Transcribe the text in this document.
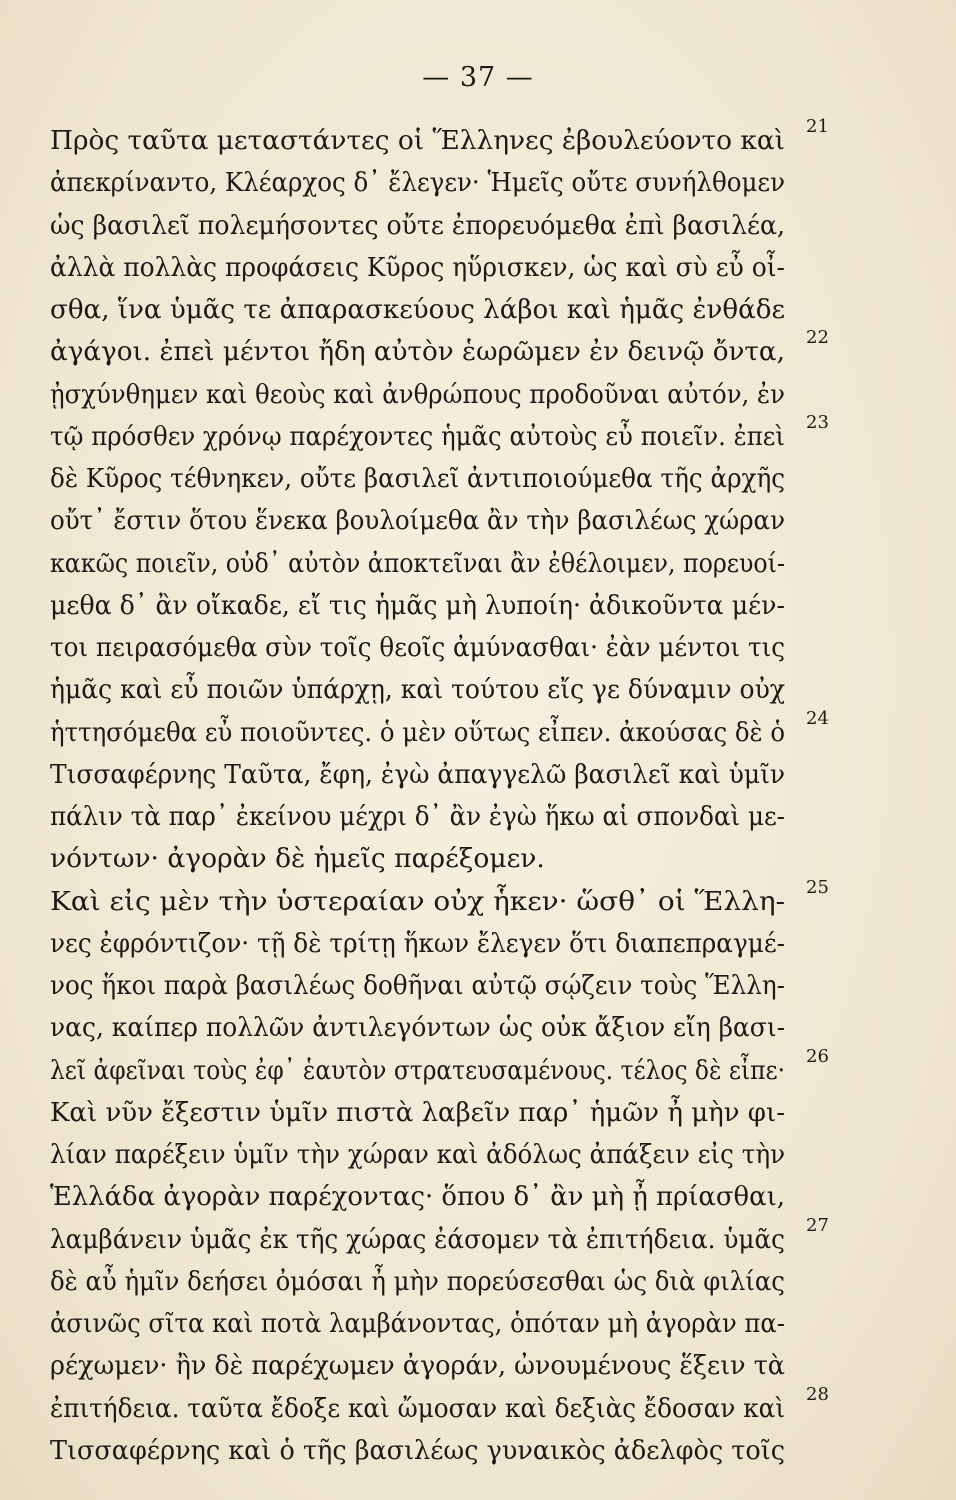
— 37 —
Πρὸς ταῦτα μεταστάντες οἱ Ἕλληνες ἐβουλεύοντο καὶ 21
ἀπεκρίναντο, Κλέαρχος δ᾽ ἔλεγεν· Ἡμεῖς οὔτε συνήλθομεν
ὡς βασιλεῖ πολεμήσοντες οὔτε ἐπορευόμεθα ἐπὶ βασιλέα,
ἀλλὰ πολλὰς προφάσεις Κῦρος ηὕρισκεν, ὡς καὶ σὺ εὖ οἶ-
σθα, ἵνα ὑμᾶς τε ἀπαρασκεύους λάβοι καὶ ἡμᾶς ἐνθάδε
ἀγάγοι. ἐπεὶ μέντοι ἤδη αὐτὸν ἑωρῶμεν ἐν δεινῷ ὄντα, 22
ᾐσχύνθημεν καὶ θεοὺς καὶ ἀνθρώπους προδοῦναι αὐτόν, ἐν
τῷ πρόσθεν χρόνῳ παρέχοντες ἡμᾶς αὐτοὺς εὖ ποιεῖν. ἐπεὶ 23
δὲ Κῦρος τέθνηκεν, οὔτε βασιλεῖ ἀντιποιούμεθα τῆς ἀρχῆς
οὔτ᾽ ἔστιν ὅτου ἕνεκα βουλοίμεθα ἂν τὴν βασιλέως χώραν
κακῶς ποιεῖν, οὐδ᾽ αὐτὸν ἀποκτεῖναι ἂν ἐθέλοιμεν, πορευοί-
μεθα δ᾽ ἂν οἴκαδε, εἴ τις ἡμᾶς μὴ λυποίη· ἀδικοῦντα μέν-
τοι πειρασόμεθα σὺν τοῖς θεοῖς ἀμύνασθαι· ἐὰν μέντοι τις
ἡμᾶς καὶ εὖ ποιῶν ὑπάρχῃ, καὶ τούτου εἴς γε δύναμιν οὐχ
ἡττησόμεθα εὖ ποιοῦντες. ὁ μὲν οὕτως εἶπεν. ἀκούσας δὲ ὁ 24
Τισσαφέρνης Ταῦτα, ἔφη, ἐγὼ ἀπαγγελῶ βασιλεῖ καὶ ὑμῖν
πάλιν τὰ παρ᾽ ἐκείνου μέχρι δ᾽ ἂν ἐγὼ ἥκω αἱ σπονδαὶ με-
νόντων· ἀγορὰν δὲ ἡμεῖς παρέξομεν.
Καὶ εἰς μὲν τὴν ὑστεραίαν οὐχ ἧκεν· ὥσθ᾽ οἱ Ἕλλη- 25
νες ἐφρόντιζον· τῇ δὲ τρίτῃ ἥκων ἔλεγεν ὅτι διαπεπραγμέ-
νος ἥκοι παρὰ βασιλέως δοθῆναι αὐτῷ σῴζειν τοὺς Ἕλλη-
νας, καίπερ πολλῶν ἀντιλεγόντων ὡς οὐκ ἄξιον εἴη βασι-
λεῖ ἀφεῖναι τοὺς ἐφ᾽ ἑαυτὸν στρατευσαμένους. τέλος δὲ εἶπε· 26
Καὶ νῦν ἔξεστιν ὑμῖν πιστὰ λαβεῖν παρ᾽ ἡμῶν ἦ μὴν φι-
λίαν παρέξειν ὑμῖν τὴν χώραν καὶ ἀδόλως ἀπάξειν εἰς τὴν
Ἑλλάδα ἀγορὰν παρέχοντας· ὅπου δ᾽ ἂν μὴ ᾖ πρίασθαι,
λαμβάνειν ὑμᾶς ἐκ τῆς χώρας ἐάσομεν τὰ ἐπιτήδεια. ὑμᾶς 27
δὲ αὖ ἡμῖν δεήσει ὀμόσαι ἦ μὴν πορεύσεσθαι ὡς διὰ φιλίας
ἀσινῶς σῖτα καὶ ποτὰ λαμβάνοντας, ὁπόταν μὴ ἀγορὰν πα-
ρέχωμεν· ἢν δὲ παρέχωμεν ἀγοράν, ὠνουμένους ἕξειν τὰ
ἐπιτήδεια. ταῦτα ἔδοξε καὶ ὤμοσαν καὶ δεξιὰς ἔδοσαν καὶ 28
Τισσαφέρνης καὶ ὁ τῆς βασιλέως γυναικὸς ἀδελφὸς τοῖς
